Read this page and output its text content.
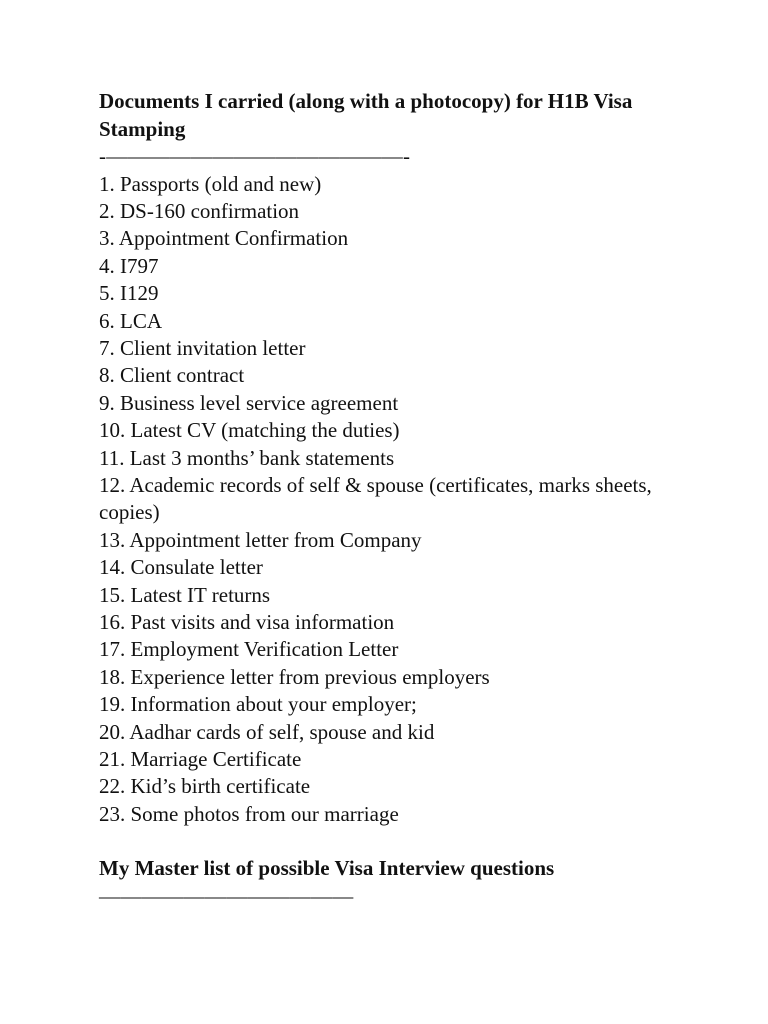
Documents I carried (along with a photocopy) for H1B Visa Stamping
-——————————————-
1. Passports (old and new)
2. DS-160 confirmation
3. Appointment Confirmation
4. I797
5. I129
6. LCA
7. Client invitation letter
8. Client contract
9. Business level service agreement
10. Latest CV (matching the duties)
11. Last 3 months’ bank statements
12. Academic records of self & spouse (certificates, marks sheets, copies)
13. Appointment letter from Company
14. Consulate letter
15. Latest IT returns
16. Past visits and visa information
17. Employment Verification Letter
18. Experience letter from previous employers
19. Information about your employer;
20. Aadhar cards of self, spouse and kid
21. Marriage Certificate
22. Kid’s birth certificate
23. Some photos from our marriage
My Master list of possible Visa Interview questions
————————————
